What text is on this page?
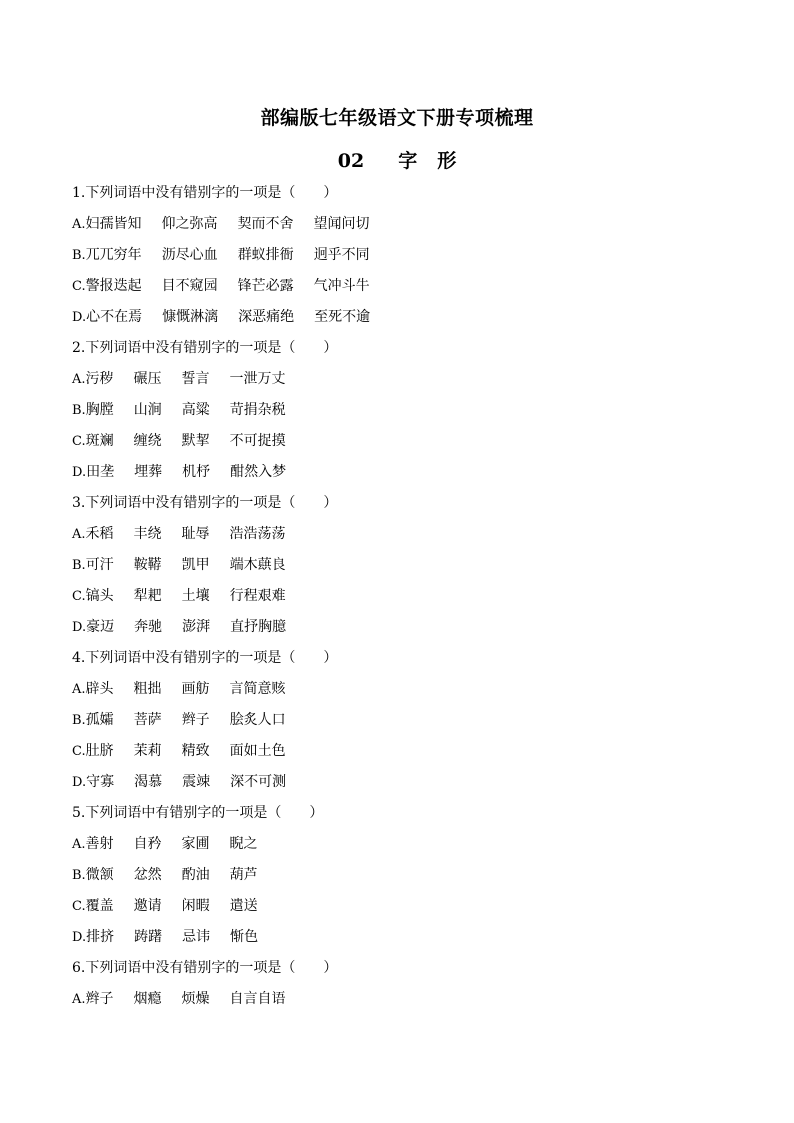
部编版七年级语文下册专项梳理
02 字 形
1.下列词语中没有错别字的一项是（　　）
A.妇孺皆知 仰之弥高 契而不舍 望闻问切
B.兀兀穷年 沥尽心血 群蚁排衙 迥乎不同
C.警报迭起 目不窥园 锋芒必露 气冲斗牛
D.心不在焉 慷慨淋漓 深恶痛绝 至死不逾
2.下列词语中没有错别字的一项是（　　）
A.污秽 碾压 誓言 一泄万丈
B.胸膛 山涧 高粱 苛捐杂税
C.斑斓 缠绕 默挈 不可捉摸
D.田垄 埋葬 机杼 酣然入梦
3.下列词语中没有错别字的一项是（　　）
A.禾稻 丰绕 耻辱 浩浩荡荡
B.可汗 鞍鞯 凯甲 端木蕻良
C.镐头 犁耙 土壤 行程艰难
D.豪迈 奔驰 澎湃 直抒胸臆
4.下列词语中没有错别字的一项是（　　）
A.辟头 粗拙 画舫 言简意赅
B.孤孀 菩萨 辫子 脍炙人口
C.肚脐 茉莉 精致 面如土色
D.守寡 渴慕 震竦 深不可测
5.下列词语中有错别字的一项是（　　）
A.善射 自矜 家圃 睨之
B.微颔 忿然 酌油 葫芦
C.覆盖 邀请 闲暇 遣送
D.排挤 踌躇 忌讳 惭色
6.下列词语中没有错别字的一项是（　　）
A.辫子 烟瘾 烦燥 自言自语
